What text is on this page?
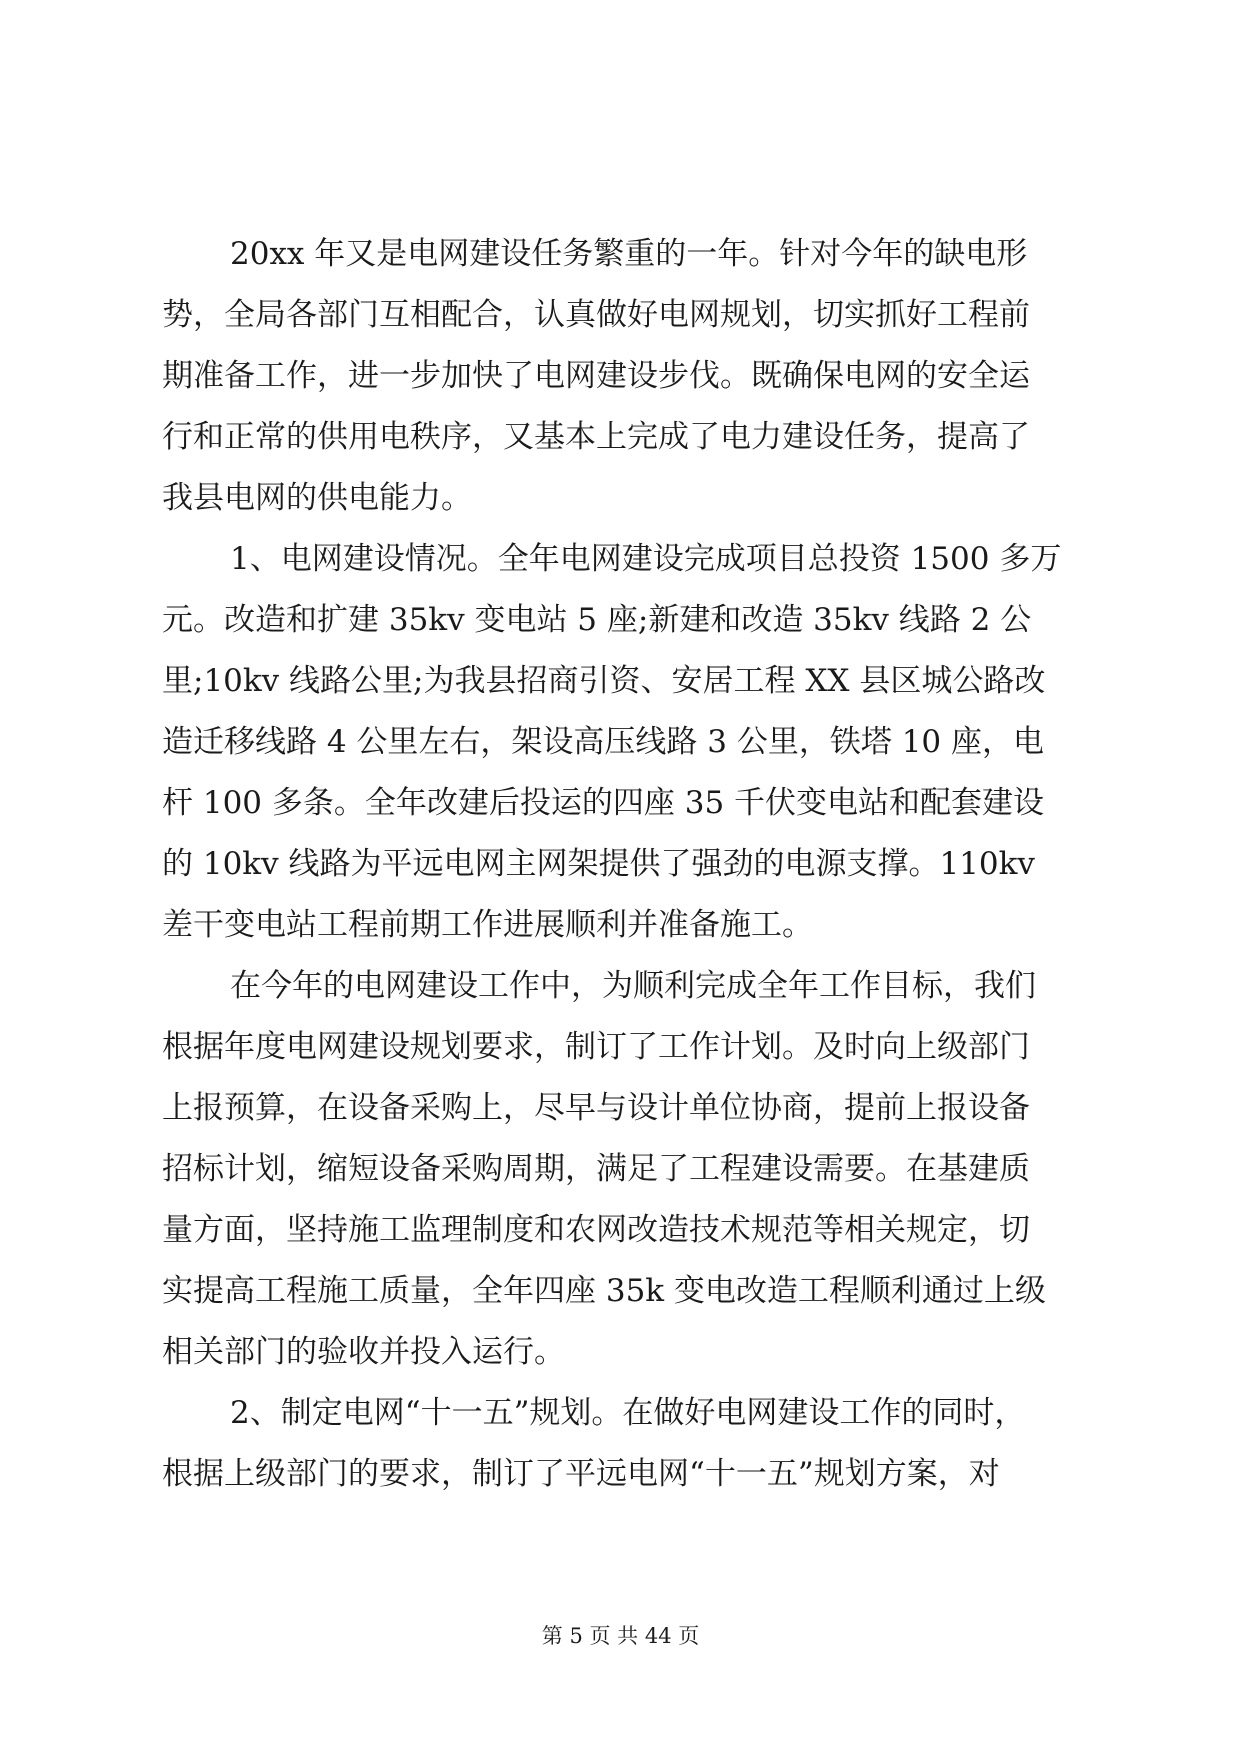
20xx 年又是电网建设任务繁重的一年。针对今年的缺电形
势，全局各部门互相配合，认真做好电网规划，切实抓好工程前
期准备工作，进一步加快了电网建设步伐。既确保电网的安全运
行和正常的供用电秩序，又基本上完成了电力建设任务，提高了
我县电网的供电能力。

1、电网建设情况。全年电网建设完成项目总投资 1500 多万
元。改造和扩建 35kv 变电站 5 座;新建和改造 35kv 线路 2 公
里;10kv 线路公里;为我县招商引资、安居工程 XX 县区城公路改
造迁移线路 4 公里左右，架设高压线路 3 公里，铁塔 10 座，电
杆 100 多条。全年改建后投运的四座 35 千伏变电站和配套建设
的 10kv 线路为平远电网主网架提供了强劲的电源支撑。110kv
差干变电站工程前期工作进展顺利并准备施工。

在今年的电网建设工作中，为顺利完成全年工作目标，我们
根据年度电网建设规划要求，制订了工作计划。及时向上级部门
上报预算，在设备采购上，尽早与设计单位协商，提前上报设备
招标计划，缩短设备采购周期，满足了工程建设需要。在基建质
量方面，坚持施工监理制度和农网改造技术规范等相关规定，切
实提高工程施工质量，全年四座 35k 变电改造工程顺利通过上级
相关部门的验收并投入运行。

2、制定电网“十一五”规划。在做好电网建设工作的同时，
根据上级部门的要求，制订了平远电网“十一五”规划方案，对

第 5 页 共 44 页
